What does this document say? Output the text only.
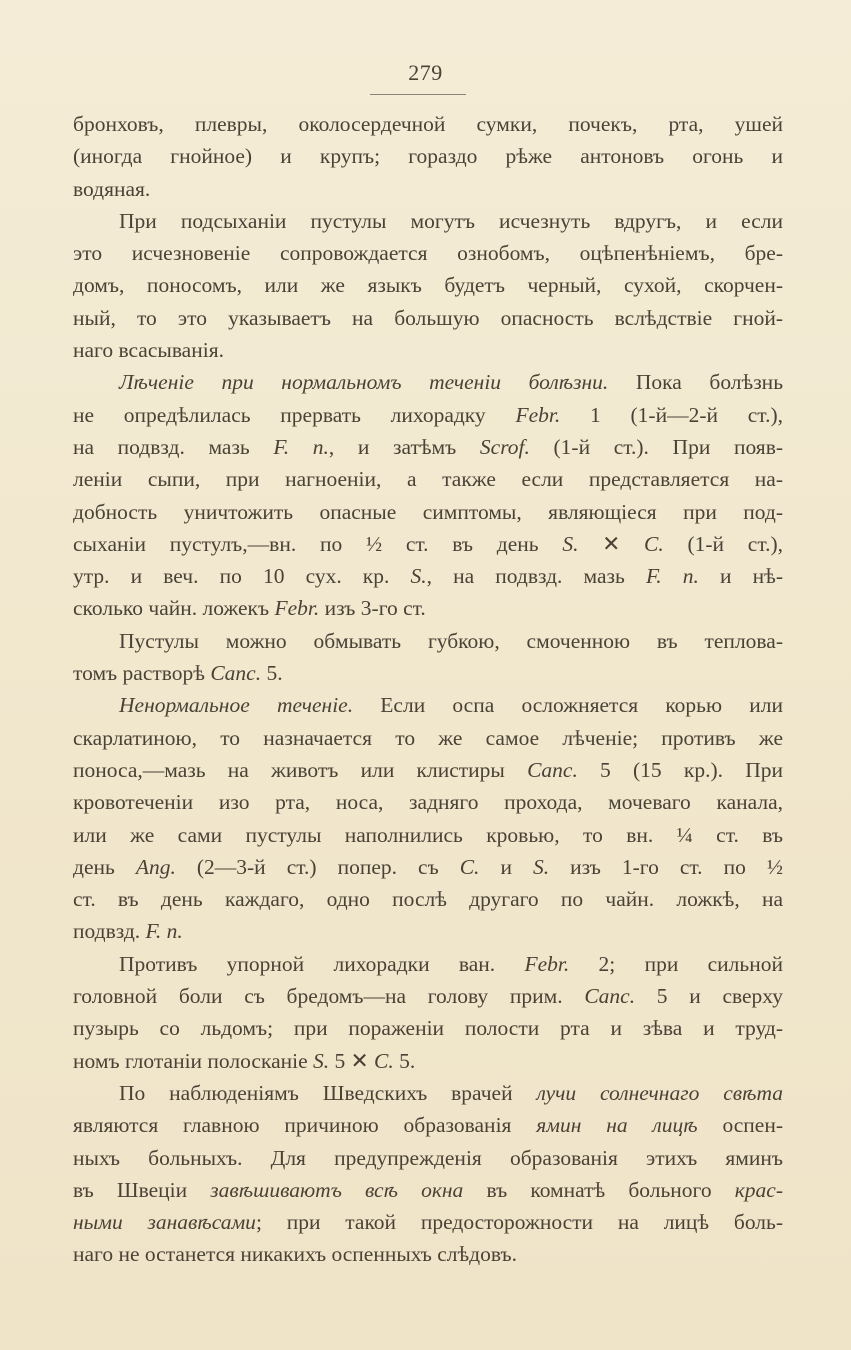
279
бронховъ, плевры, околосердечной сумки, почекъ, рта, ушей
(иногда гнойное) и крупъ; гораздо рѣже антоновъ огонь и
водяная.
При подсыханіи пустулы могутъ исчезнуть вдругъ, и если
это исчезновеніе сопровождается ознобомъ, оцѣпенѣніемъ, бре-
домъ, поносомъ, или же языкъ будетъ черный, сухой, скорчен-
ный, то это указываетъ на большую опасность вслѣдствіе гной-
наго всасыванія.
Лѣченіе при нормальномъ теченіи болѣзни. Пока болѣзнь
не опредѣлилась прервать лихорадку Febr. 1 (1-й—2-й ст.),
на подвзд. мазь F. n., и затѣмъ Scrof. (1-й ст.). При появ-
леніи сыпи, при нагноеніи, а также если представляется на-
добность уничтожить опасные симптомы, являющіеся при под-
сыханіи пустулъ,—вн. по ½ ст. въ день S. ✕ C. (1-й ст.),
утр. и веч. по 10 сух. кр. S., на подвзд. мазь F. n. и нѣ-
сколько чайн. ложекъ Febr. изъ 3-го ст.
Пустулы можно обмывать губкою, смоченною въ теплова-
томъ растворѣ Canc. 5.
Ненормальное теченіе. Если оспа осложняется корью или
скарлатиною, то назначается то же самое лѣченіе; противъ же
поноса,—мазь на животъ или клистиры Canc. 5 (15 кр.). При
кровотеченіи изо рта, носа, задняго прохода, мочеваго канала,
или же сами пустулы наполнились кровью, то вн. ¼ ст. въ
день Ang. (2—3-й ст.) попер. съ C. и S. изъ 1-го ст. по ½
ст. въ день каждаго, одно послѣ другаго по чайн. ложкѣ, на
подвзд. F. n.
Противъ упорной лихорадки ван. Febr. 2; при сильной
головной боли съ бредомъ—на голову прим. Canc. 5 и сверху
пузырь со льдомъ; при пораженіи полости рта и зѣва и труд-
номъ глотаніи полосканіе S. 5 ✕ C. 5.
По наблюденіямъ Шведскихъ врачей лучи солнечнаго свѣта
являются главною причиною образованія ямин на лицѣ оспен-
ныхъ больныхъ. Для предупрежденія образованія этихъ яминъ
въ Швеціи завѣшиваютъ всѣ окна въ комнатѣ больного крас-
ными занавѣсами; при такой предосторожности на лицѣ боль-
наго не останется никакихъ оспенныхъ слѣдовъ.
